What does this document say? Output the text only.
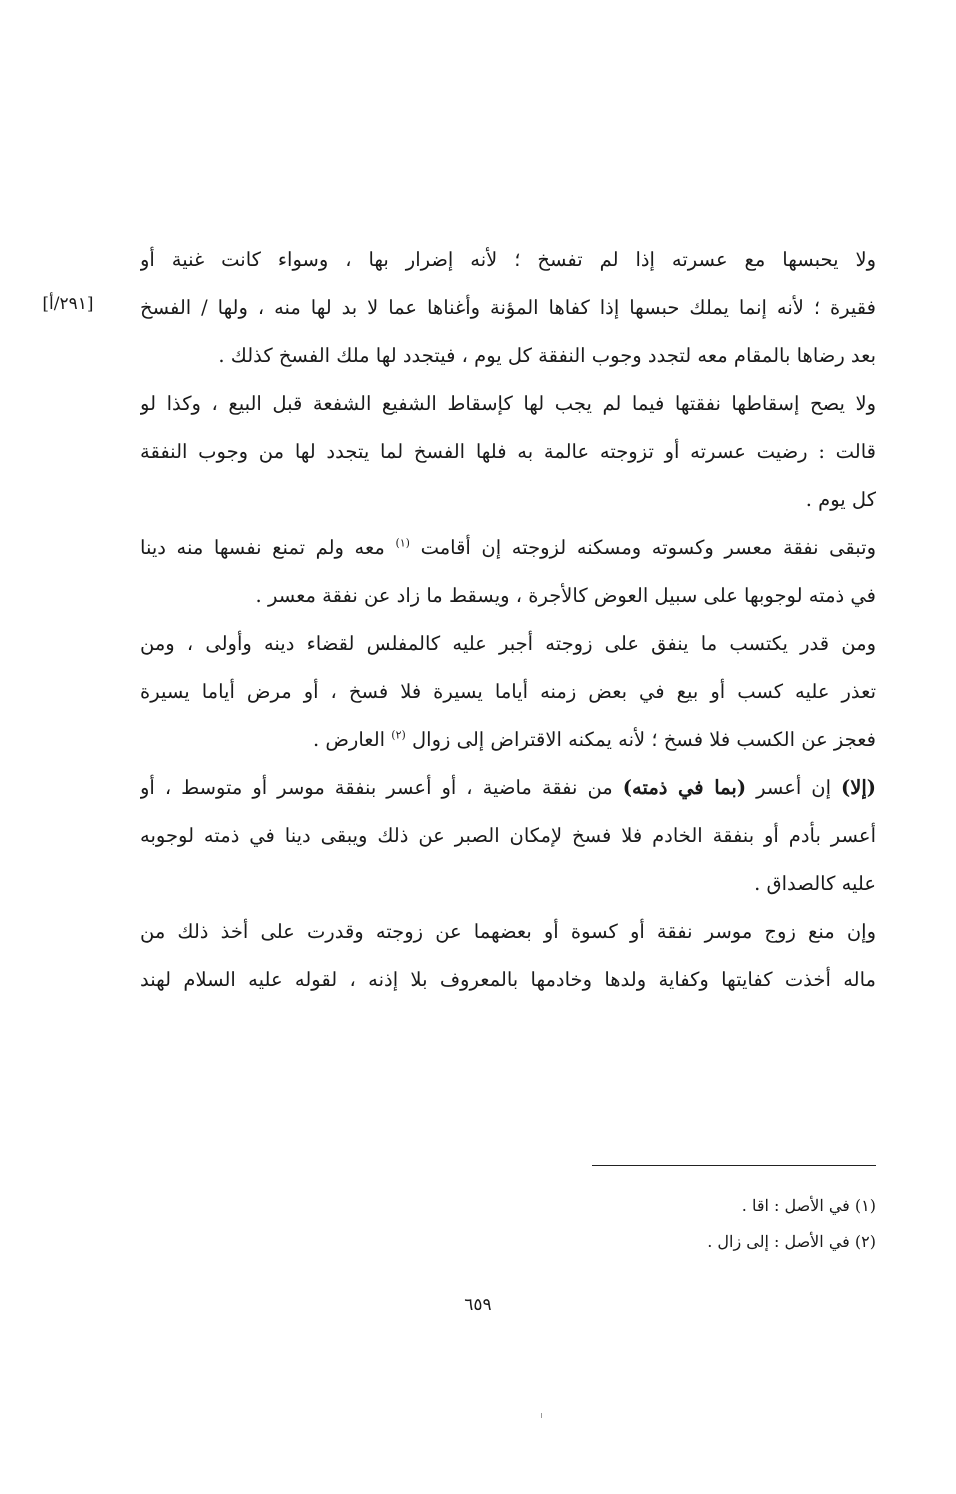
[٢٩١/أ]
ولا يحبسها مع عسرته إذا لم تفسخ ؛ لأنه إضرار بها ، وسواء كانت غنية أو
فقيرة ؛ لأنه إنما يملك حبسها إذا كفاها المؤنة وأغناها عما لا بد لها منه ، ولها / الفسخ
بعد رضاها بالمقام معه لتجدد وجوب النفقة كل يوم ، فيتجدد لها ملك الفسخ كذلك .
ولا يصح إسقاطها نفقتها فيما لم يجب لها كإسقاط الشفيع الشفعة قبل البيع ، وكذا لو
قالت : رضيت عسرته أو تزوجته عالمة به فلها الفسخ لما يتجدد لها من وجوب النفقة
كل يوم .
وتبقى نفقة معسر وكسوته ومسكنه لزوجته إن أقامت $^{(١)}$ معه ولم تمنع نفسها منه دينا
في ذمته لوجوبها على سبيل العوض كالأجرة ، ويسقط ما زاد عن نفقة معسر .
ومن قدر يكتسب ما ينفق على زوجته أجبر عليه كالمفلس لقضاء دينه وأولى ، ومن
تعذر عليه كسب أو بيع في بعض زمنه أياما يسيرة فلا فسخ ، أو مرض أياما يسيرة
فعجز عن الكسب فلا فسخ ؛ لأنه يمكنه الاقتراض إلى زوال $^{(٢)}$ العارض .
(إلا) إن أعسر (بما في ذمته) من نفقة ماضية ، أو أعسر بنفقة موسر أو متوسط ، أو
أعسر بأدم أو بنفقة الخادم فلا فسخ لإمكان الصبر عن ذلك ويبقى دينا في ذمته لوجوبه
عليه كالصداق .
وإن منع زوج موسر نفقة أو كسوة أو بعضهما عن زوجته وقدرت على أخذ ذلك من
ماله أخذت كفايتها وكفاية ولدها وخادمها بالمعروف بلا إذنه ، لقوله عليه السلام لهند
(١) في الأصل : اقا .
(٢) في الأصل : إلى زال .
٦٥٩
